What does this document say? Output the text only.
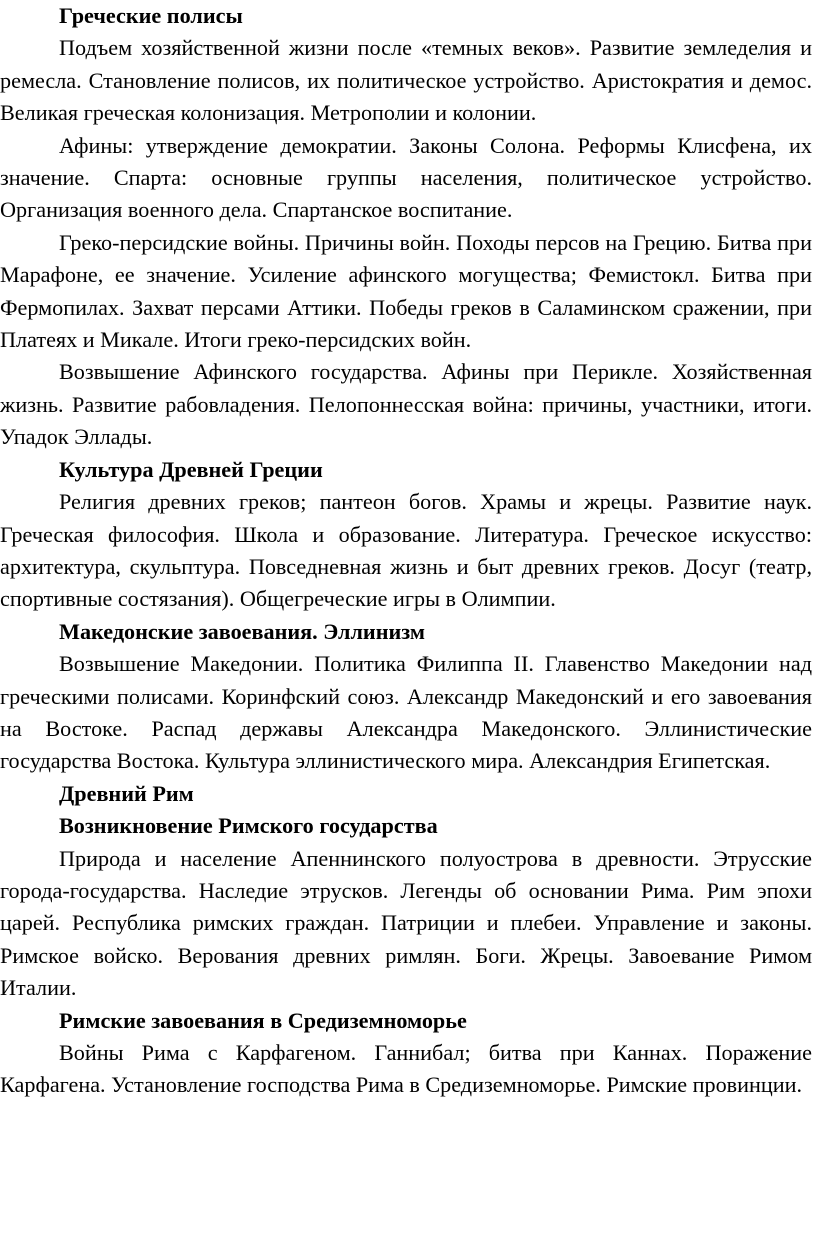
Греческие полисы

Подъем хозяйственной жизни после «темных веков». Развитие земледелия и ремесла. Становление полисов, их политическое устройство. Аристократия и демос. Великая греческая колонизация. Метрополии и колонии.

Афины: утверждение демократии. Законы Солона. Реформы Клисфена, их значение. Спарта: основные группы населения, политическое устройство. Организация военного дела. Спартанское воспитание.

Греко-персидские войны. Причины войн. Походы персов на Грецию. Битва при Марафоне, ее значение. Усиление афинского могущества; Фемистокл. Битва при Фермопилах. Захват персами Аттики. Победы греков в Саламинском сражении, при Платеях и Микале. Итоги греко-персидских войн.

Возвышение Афинского государства. Афины при Перикле. Хозяйственная жизнь. Развитие рабовладения. Пелопоннесская война: причины, участники, итоги. Упадок Эллады.

Культура Древней Греции

Религия древних греков; пантеон богов. Храмы и жрецы. Развитие наук. Греческая философия. Школа и образование. Литература. Греческое искусство: архитектура, скульптура. Повседневная жизнь и быт древних греков. Досуг (театр, спортивные состязания). Общегреческие игры в Олимпии.

Македонские завоевания. Эллинизм

Возвышение Македонии. Политика Филиппа II. Главенство Македонии над греческими полисами. Коринфский союз. Александр Македонский и его завоевания на Востоке. Распад державы Александра Македонского. Эллинистические государства Востока. Культура эллинистического мира. Александрия Египетская.

Древний Рим

Возникновение Римского государства

Природа и население Апеннинского полуострова в древности. Этрусские города-государства. Наследие этрусков. Легенды об основании Рима. Рим эпохи царей. Республика римских граждан. Патриции и плебеи. Управление и законы. Римское войско. Верования древних римлян. Боги. Жрецы. Завоевание Римом Италии.

Римские завоевания в Средиземноморье

Войны Рима с Карфагеном. Ганнибал; битва при Каннах. Поражение Карфагена. Установление господства Рима в Средиземноморье. Римские провинции.
